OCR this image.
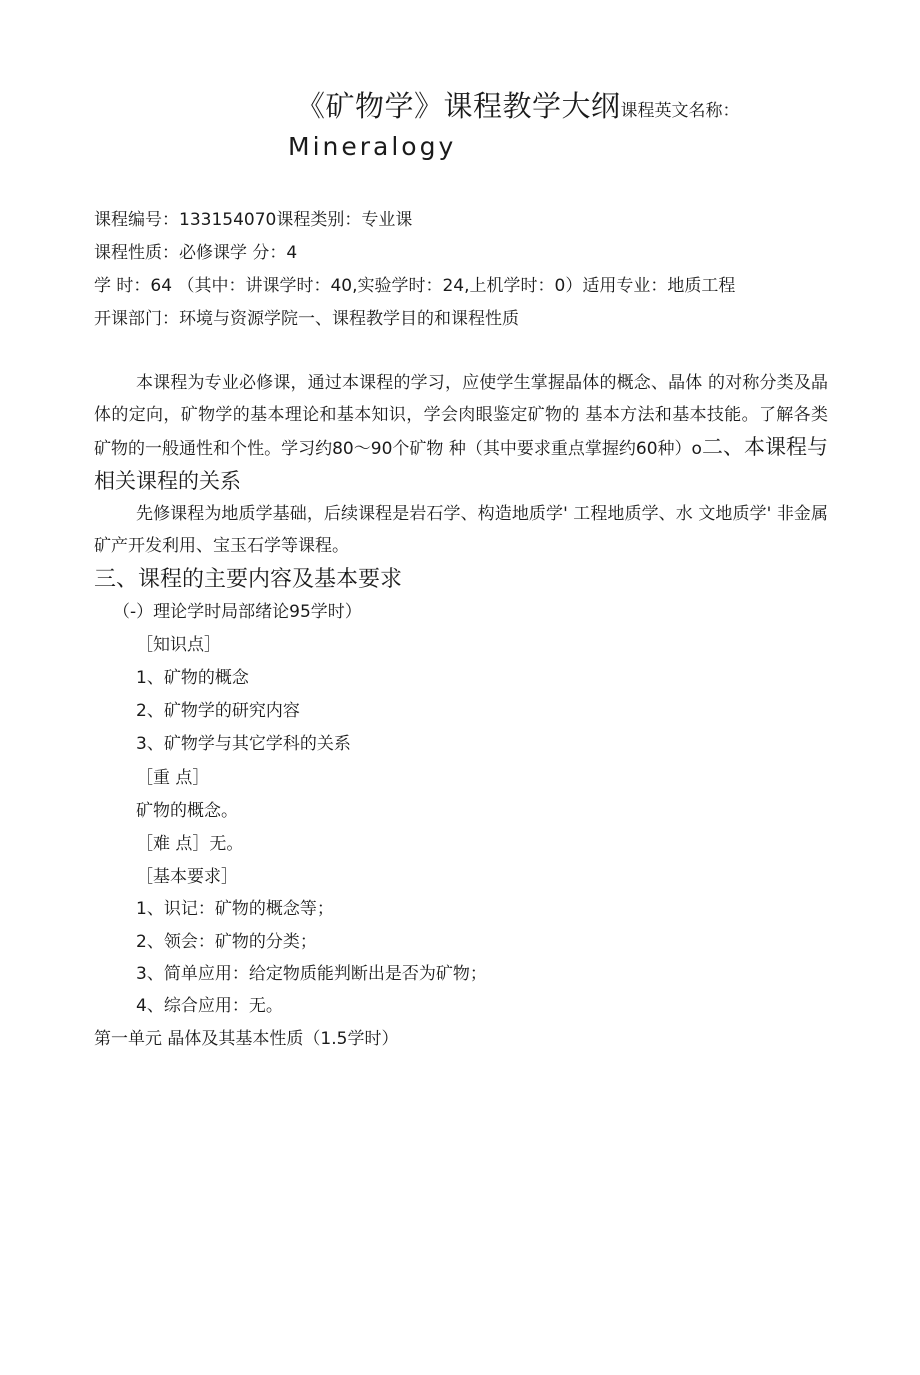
《矿物学》课程教学大纲课程英文名称：
Mineralogy
课程编号：133154070课程类别：专业课
课程性质：必修课学 分：4
学 时：64 （其中：讲课学时：40,实验学时：24,上机学时：0）适用专业：地质工程
开课部门：环境与资源学院一、课程教学目的和课程性质

本课程为专业必修课，通过本课程的学习，应使学生掌握晶体的概念、晶体 的对称分类及晶体的定向，矿物学的基本理论和基本知识，学会肉眼鉴定矿物的 基本方法和基本技能。了解各类矿物的一般通性和个性。学习约80〜90个矿物 种（其中要求重点掌握约60种）o二、本课程与相关课程的关系

先修课程为地质学基础，后续课程是岩石学、构造地质学' 工程地质学、水 文地质学' 非金属矿产开发利用、宝玉石学等课程。

三、课程的主要内容及基本要求
（-）理论学时局部绪论95学时）
［知识点］
1、矿物的概念
2、矿物学的研究内容
3、矿物学与其它学科的关系
［重 点］
矿物的概念。
［难 点］无。
［基本要求］
1、识记：矿物的概念等；
2、领会：矿物的分类；
3、简单应用：给定物质能判断出是否为矿物；
4、综合应用：无。
第一单元 晶体及其基本性质（1.5学时）
